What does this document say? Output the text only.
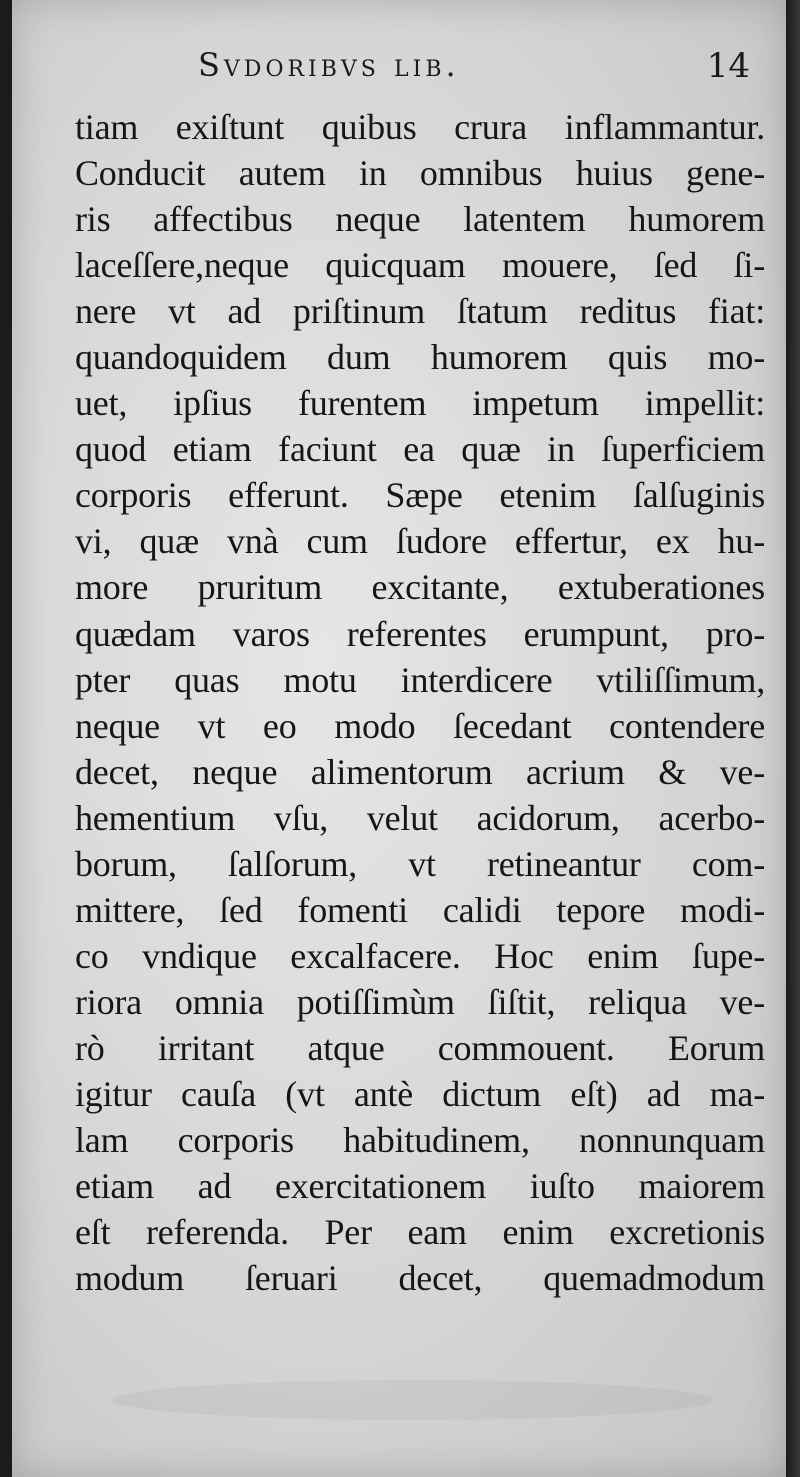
Svdoribvs lib.	14
tiam exiſtunt quibus crura inflammantur.
Conducit autem in omnibus huius gene-
ris affectibus neque latentem humorem
laceſſere,neque quicquam mouere, ſed ſi-
nere vt ad priſtinum ſtatum reditus fiat:
quandoquidem dum humorem quis mo-
uet, ipſius furentem impetum impellit:
quod etiam faciunt ea quæ in ſuperficiem
corporis efferunt. Sæpe etenim ſalſuginis
vi, quæ vnà cum ſudore effertur, ex hu-
more pruritum excitante, extuberationes
quædam varos referentes erumpunt, pro-
pter quas motu interdicere vtiliſſimum,
neque vt eo modo ſecedant contendere
decet, neque alimentorum acrium & ve-
hementium vſu, velut acidorum, acerbo-
borum, ſalſorum, vt retineantur com-
mittere, ſed fomenti calidi tepore modi-
co vndique excalfacere. Hoc enim ſupe-
riora omnia potiſſimùm ſiſtit, reliqua ve-
rò irritant atque commouent. Eorum
igitur cauſa (vt antè dictum eſt) ad ma-
lam corporis habitudinem, nonnunquam
etiam ad exercitationem iuſto maiorem
eſt referenda. Per eam enim excretionis
modum ſeruari decet, quemadmodum
